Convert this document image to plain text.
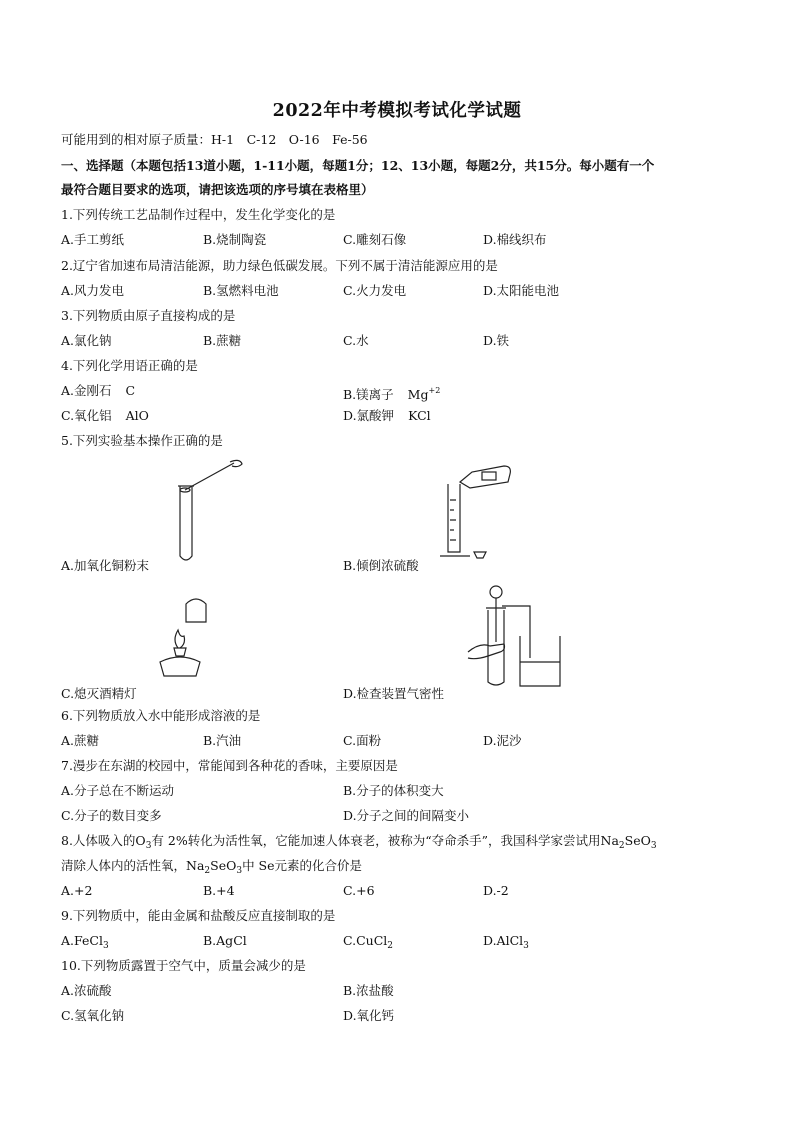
2022年中考模拟考试化学试题
可能用到的相对原子质量：H-1　C-12　O-16　Fe-56
一、选择题（本题包括13道小题，1-11小题，每题1分；12、13小题，每题2分，共15分。每小题有一个
最符合题目要求的选项，请把该选项的序号填在表格里）
1.下列传统工艺品制作过程中，发生化学变化的是
A.手工剪纸	B.烧制陶瓷	C.雕刻石像	D.棉线织布
2.辽宁省加速布局清洁能源，助力绿色低碳发展。下列不属于清洁能源应用的是
A.风力发电	B.氢燃料电池	C.火力发电	D.太阳能电池
3.下列物质由原子直接构成的是
A.氯化钠	B.蔗糖	C.水	D.铁
4.下列化学用语正确的是
A.金刚石 C	B.镁离子 $Mg^{+2}$
C.氧化铝 AlO	D.氯酸钾 KCl
5.下列实验基本操作正确的是
A.加氧化铜粉末	B.倾倒浓硫酸
C.熄灭酒精灯	D.检查装置气密性
6.下列物质放入水中能形成溶液的是
A.蔗糖	B.汽油	C.面粉	D.泥沙
7.漫步在东湖的校园中，常能闻到各种花的香味，主要原因是
A.分子总在不断运动	B.分子的体积变大
C.分子的数目变多	D.分子之间的间隔变小
8.人体吸入的$O_3$有 2%转化为活性氧，它能加速人体衰老，被称为“夺命杀手”，我国科学家尝试用$Na_2SeO_3$
清除人体内的活性氧，$Na_2SeO_3$中 Se元素的化合价是
A.+2	B.+4	C.+6	D.-2
9.下列物质中，能由金属和盐酸反应直接制取的是
A.FeCl$_3$	B.AgCl	C.CuCl$_2$	D.AlCl$_3$
10.下列物质露置于空气中，质量会减少的是
A.浓硫酸	B.浓盐酸
C.氢氧化钠	D.氧化钙
